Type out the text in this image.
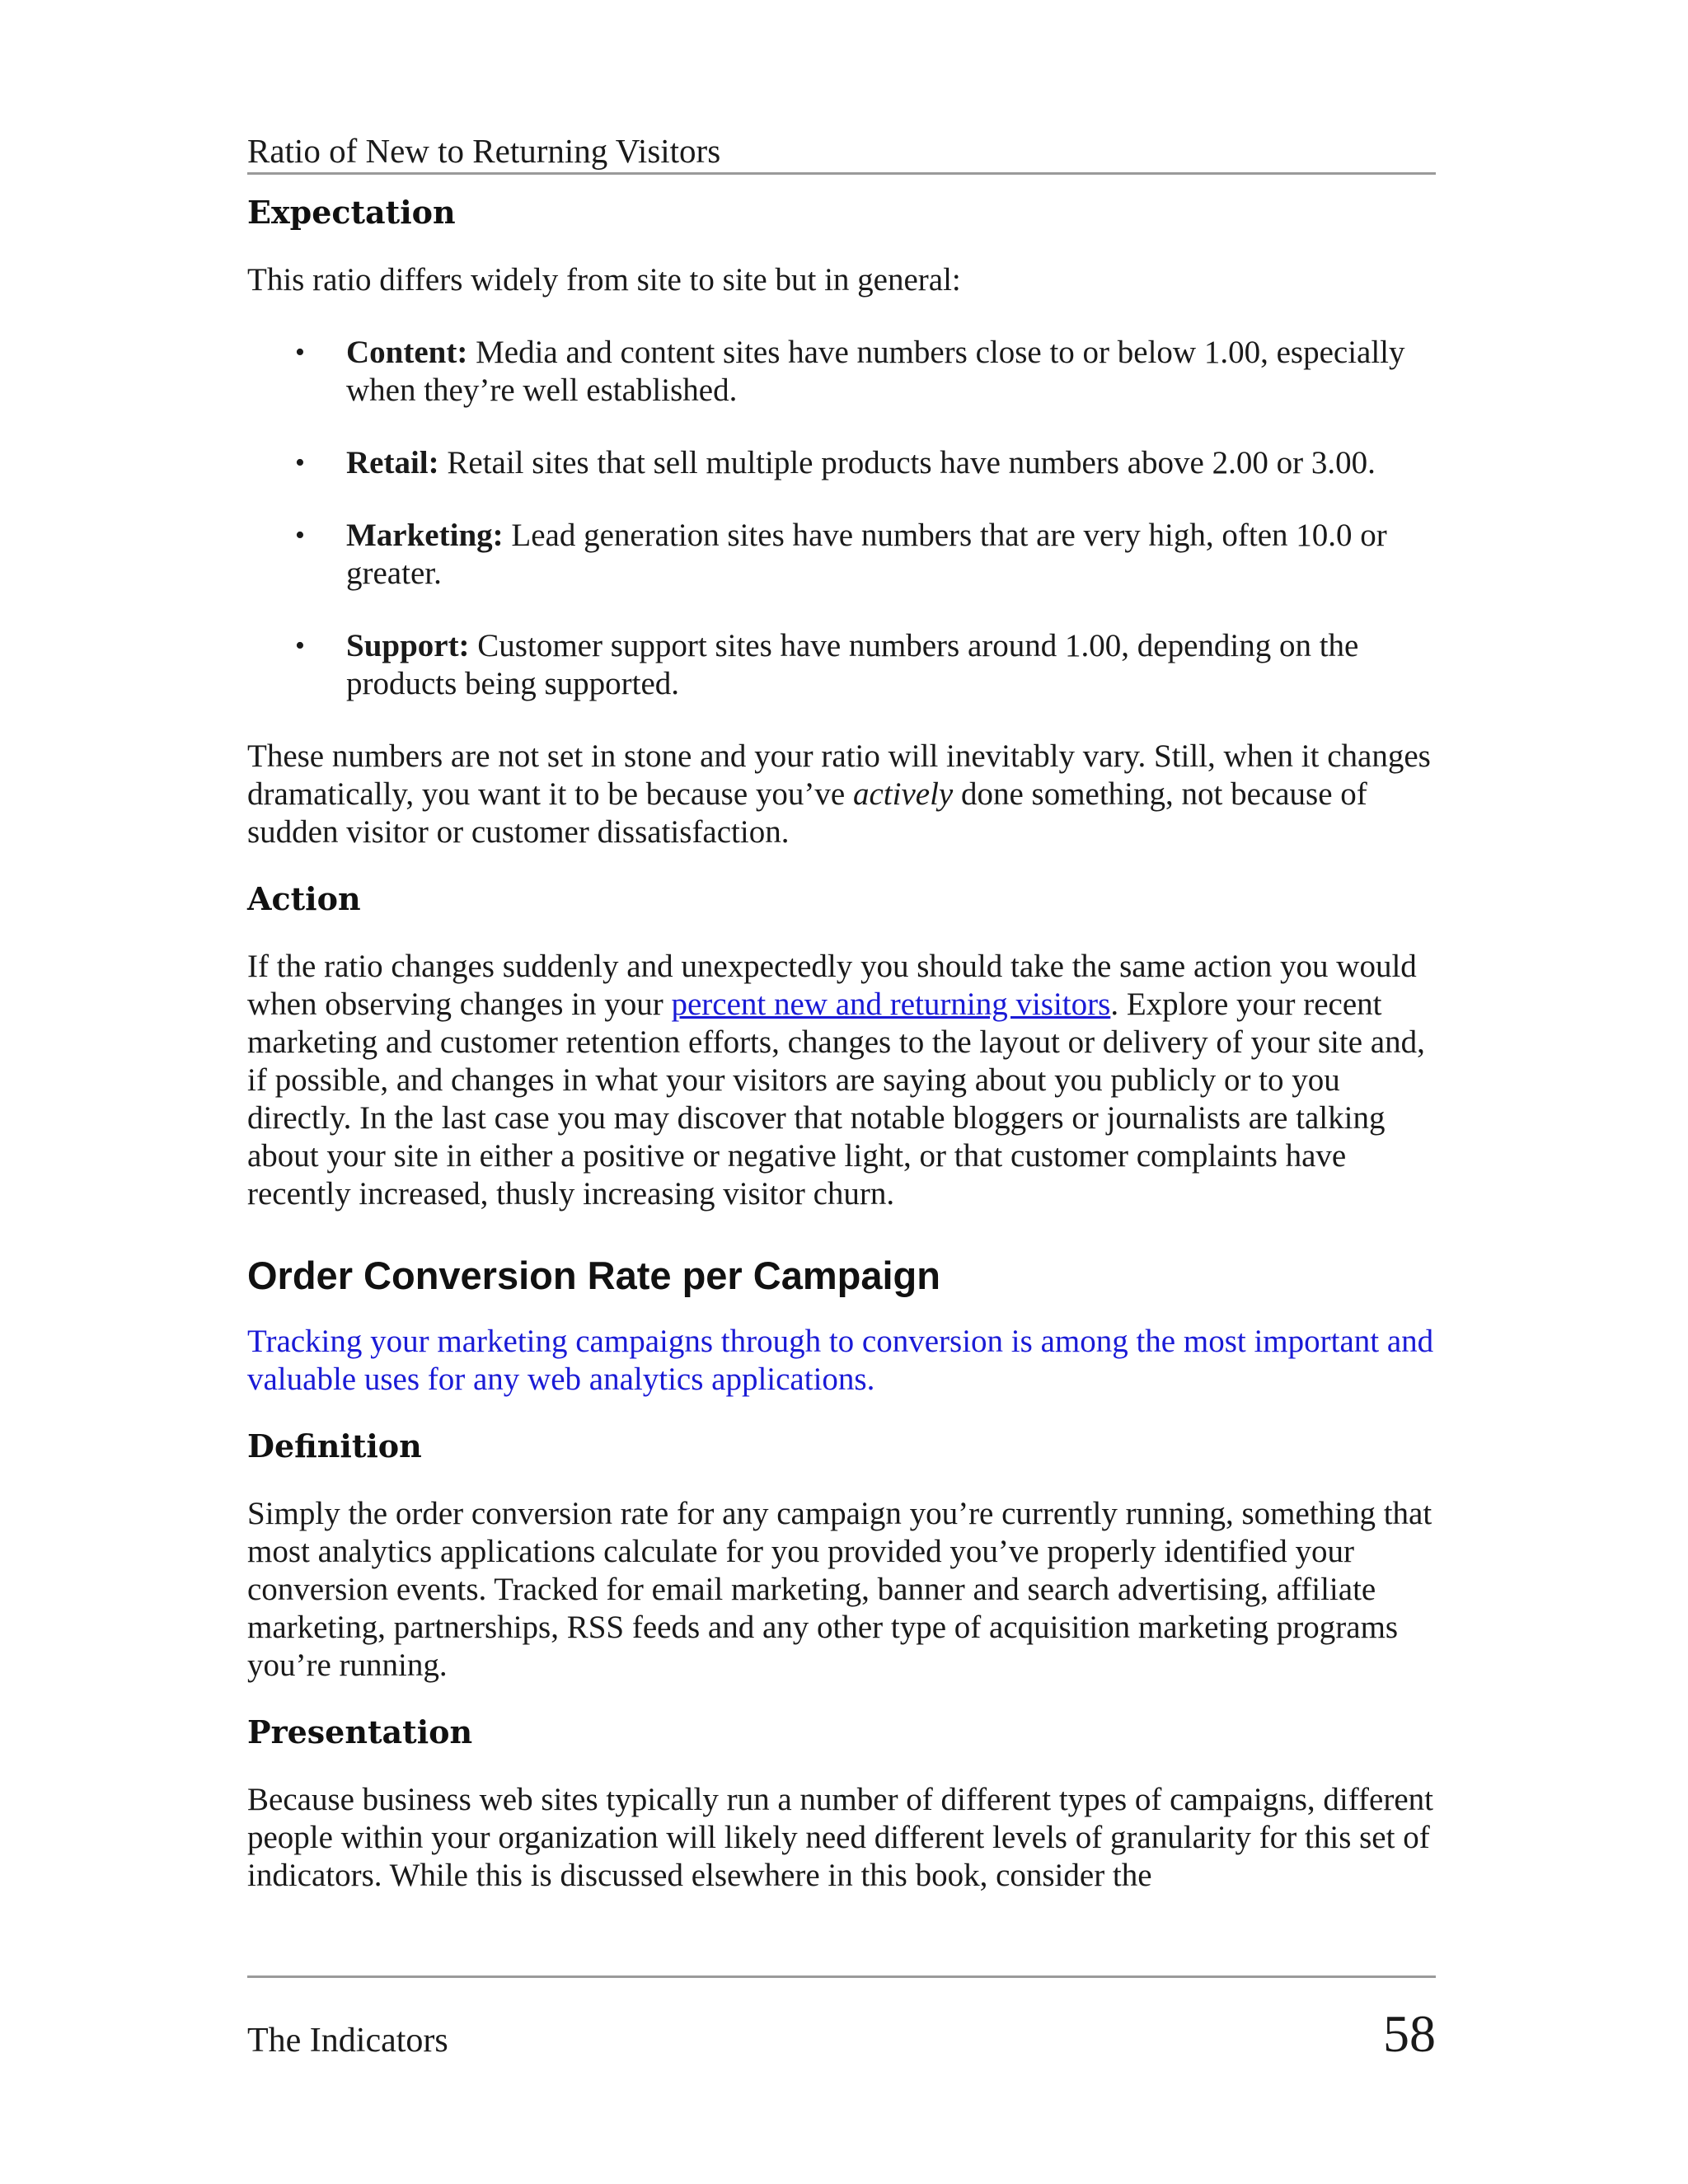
Ratio of New to Returning Visitors
Expectation

This ratio differs widely from site to site but in general:

• Content: Media and content sites have numbers close to or below 1.00, especially when they’re well established.
• Retail: Retail sites that sell multiple products have numbers above 2.00 or 3.00.
• Marketing: Lead generation sites have numbers that are very high, often 10.0 or greater.
• Support: Customer support sites have numbers around 1.00, depending on the products being supported.

These numbers are not set in stone and your ratio will inevitably vary. Still, when it changes dramatically, you want it to be because you’ve actively done something, not because of sudden visitor or customer dissatisfaction.

Action

If the ratio changes suddenly and unexpectedly you should take the same action you would when observing changes in your percent new and returning visitors. Explore your recent marketing and customer retention efforts, changes to the layout or delivery of your site and, if possible, and changes in what your visitors are saying about you publicly or to you directly. In the last case you may discover that notable bloggers or journalists are talking about your site in either a positive or negative light, or that customer complaints have recently increased, thusly increasing visitor churn.

Order Conversion Rate per Campaign

Tracking your marketing campaigns through to conversion is among the most important and valuable uses for any web analytics applications.

Definition

Simply the order conversion rate for any campaign you’re currently running, something that most analytics applications calculate for you provided you’ve properly identified your conversion events. Tracked for email marketing, banner and search advertising, affiliate marketing, partnerships, RSS feeds and any other type of acquisition marketing programs you’re running.

Presentation

Because business web sites typically run a number of different types of campaigns, different people within your organization will likely need different levels of granularity for this set of indicators. While this is discussed elsewhere in this book, consider the

The Indicators	58
